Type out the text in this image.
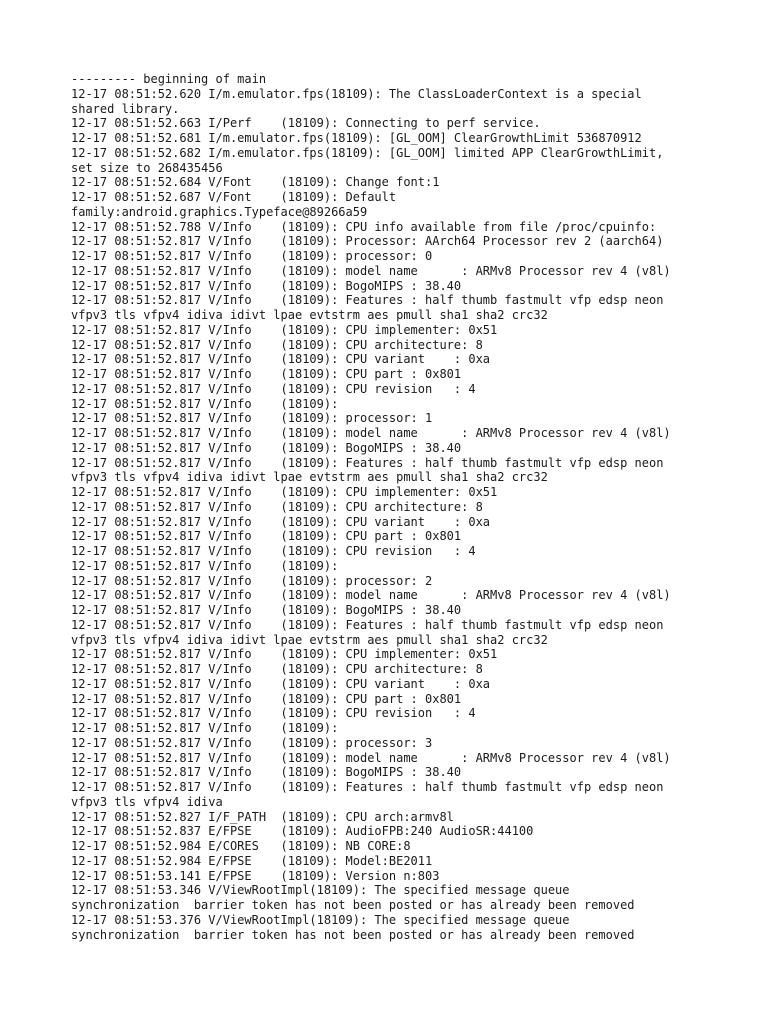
--------- beginning of main
12-17 08:51:52.620 I/m.emulator.fps(18109): The ClassLoaderContext is a special
shared library.
12-17 08:51:52.663 I/Perf    (18109): Connecting to perf service.
12-17 08:51:52.681 I/m.emulator.fps(18109): [GL_OOM] ClearGrowthLimit 536870912
12-17 08:51:52.682 I/m.emulator.fps(18109): [GL_OOM] limited APP ClearGrowthLimit,
set size to 268435456
12-17 08:51:52.684 V/Font    (18109): Change font:1
12-17 08:51:52.687 V/Font    (18109): Default
family:android.graphics.Typeface@89266a59
12-17 08:51:52.788 V/Info    (18109): CPU info available from file /proc/cpuinfo:
12-17 08:51:52.817 V/Info    (18109): Processor: AArch64 Processor rev 2 (aarch64)
12-17 08:51:52.817 V/Info    (18109): processor: 0
12-17 08:51:52.817 V/Info    (18109): model name      : ARMv8 Processor rev 4 (v8l)
12-17 08:51:52.817 V/Info    (18109): BogoMIPS : 38.40
12-17 08:51:52.817 V/Info    (18109): Features : half thumb fastmult vfp edsp neon
vfpv3 tls vfpv4 idiva idivt lpae evtstrm aes pmull sha1 sha2 crc32
12-17 08:51:52.817 V/Info    (18109): CPU implementer: 0x51
12-17 08:51:52.817 V/Info    (18109): CPU architecture: 8
12-17 08:51:52.817 V/Info    (18109): CPU variant    : 0xa
12-17 08:51:52.817 V/Info    (18109): CPU part : 0x801
12-17 08:51:52.817 V/Info    (18109): CPU revision   : 4
12-17 08:51:52.817 V/Info    (18109):
12-17 08:51:52.817 V/Info    (18109): processor: 1
12-17 08:51:52.817 V/Info    (18109): model name      : ARMv8 Processor rev 4 (v8l)
12-17 08:51:52.817 V/Info    (18109): BogoMIPS : 38.40
12-17 08:51:52.817 V/Info    (18109): Features : half thumb fastmult vfp edsp neon
vfpv3 tls vfpv4 idiva idivt lpae evtstrm aes pmull sha1 sha2 crc32
12-17 08:51:52.817 V/Info    (18109): CPU implementer: 0x51
12-17 08:51:52.817 V/Info    (18109): CPU architecture: 8
12-17 08:51:52.817 V/Info    (18109): CPU variant    : 0xa
12-17 08:51:52.817 V/Info    (18109): CPU part : 0x801
12-17 08:51:52.817 V/Info    (18109): CPU revision   : 4
12-17 08:51:52.817 V/Info    (18109):
12-17 08:51:52.817 V/Info    (18109): processor: 2
12-17 08:51:52.817 V/Info    (18109): model name      : ARMv8 Processor rev 4 (v8l)
12-17 08:51:52.817 V/Info    (18109): BogoMIPS : 38.40
12-17 08:51:52.817 V/Info    (18109): Features : half thumb fastmult vfp edsp neon
vfpv3 tls vfpv4 idiva idivt lpae evtstrm aes pmull sha1 sha2 crc32
12-17 08:51:52.817 V/Info    (18109): CPU implementer: 0x51
12-17 08:51:52.817 V/Info    (18109): CPU architecture: 8
12-17 08:51:52.817 V/Info    (18109): CPU variant    : 0xa
12-17 08:51:52.817 V/Info    (18109): CPU part : 0x801
12-17 08:51:52.817 V/Info    (18109): CPU revision   : 4
12-17 08:51:52.817 V/Info    (18109):
12-17 08:51:52.817 V/Info    (18109): processor: 3
12-17 08:51:52.817 V/Info    (18109): model name      : ARMv8 Processor rev 4 (v8l)
12-17 08:51:52.817 V/Info    (18109): BogoMIPS : 38.40
12-17 08:51:52.817 V/Info    (18109): Features : half thumb fastmult vfp edsp neon
vfpv3 tls vfpv4 idiva
12-17 08:51:52.827 I/F_PATH  (18109): CPU arch:armv8l
12-17 08:51:52.837 E/FPSE    (18109): AudioFPB:240 AudioSR:44100
12-17 08:51:52.984 E/CORES   (18109): NB CORE:8
12-17 08:51:52.984 E/FPSE    (18109): Model:BE2011
12-17 08:51:53.141 E/FPSE    (18109): Version n:803
12-17 08:51:53.346 V/ViewRootImpl(18109): The specified message queue
synchronization  barrier token has not been posted or has already been removed
12-17 08:51:53.376 V/ViewRootImpl(18109): The specified message queue
synchronization  barrier token has not been posted or has already been removed
